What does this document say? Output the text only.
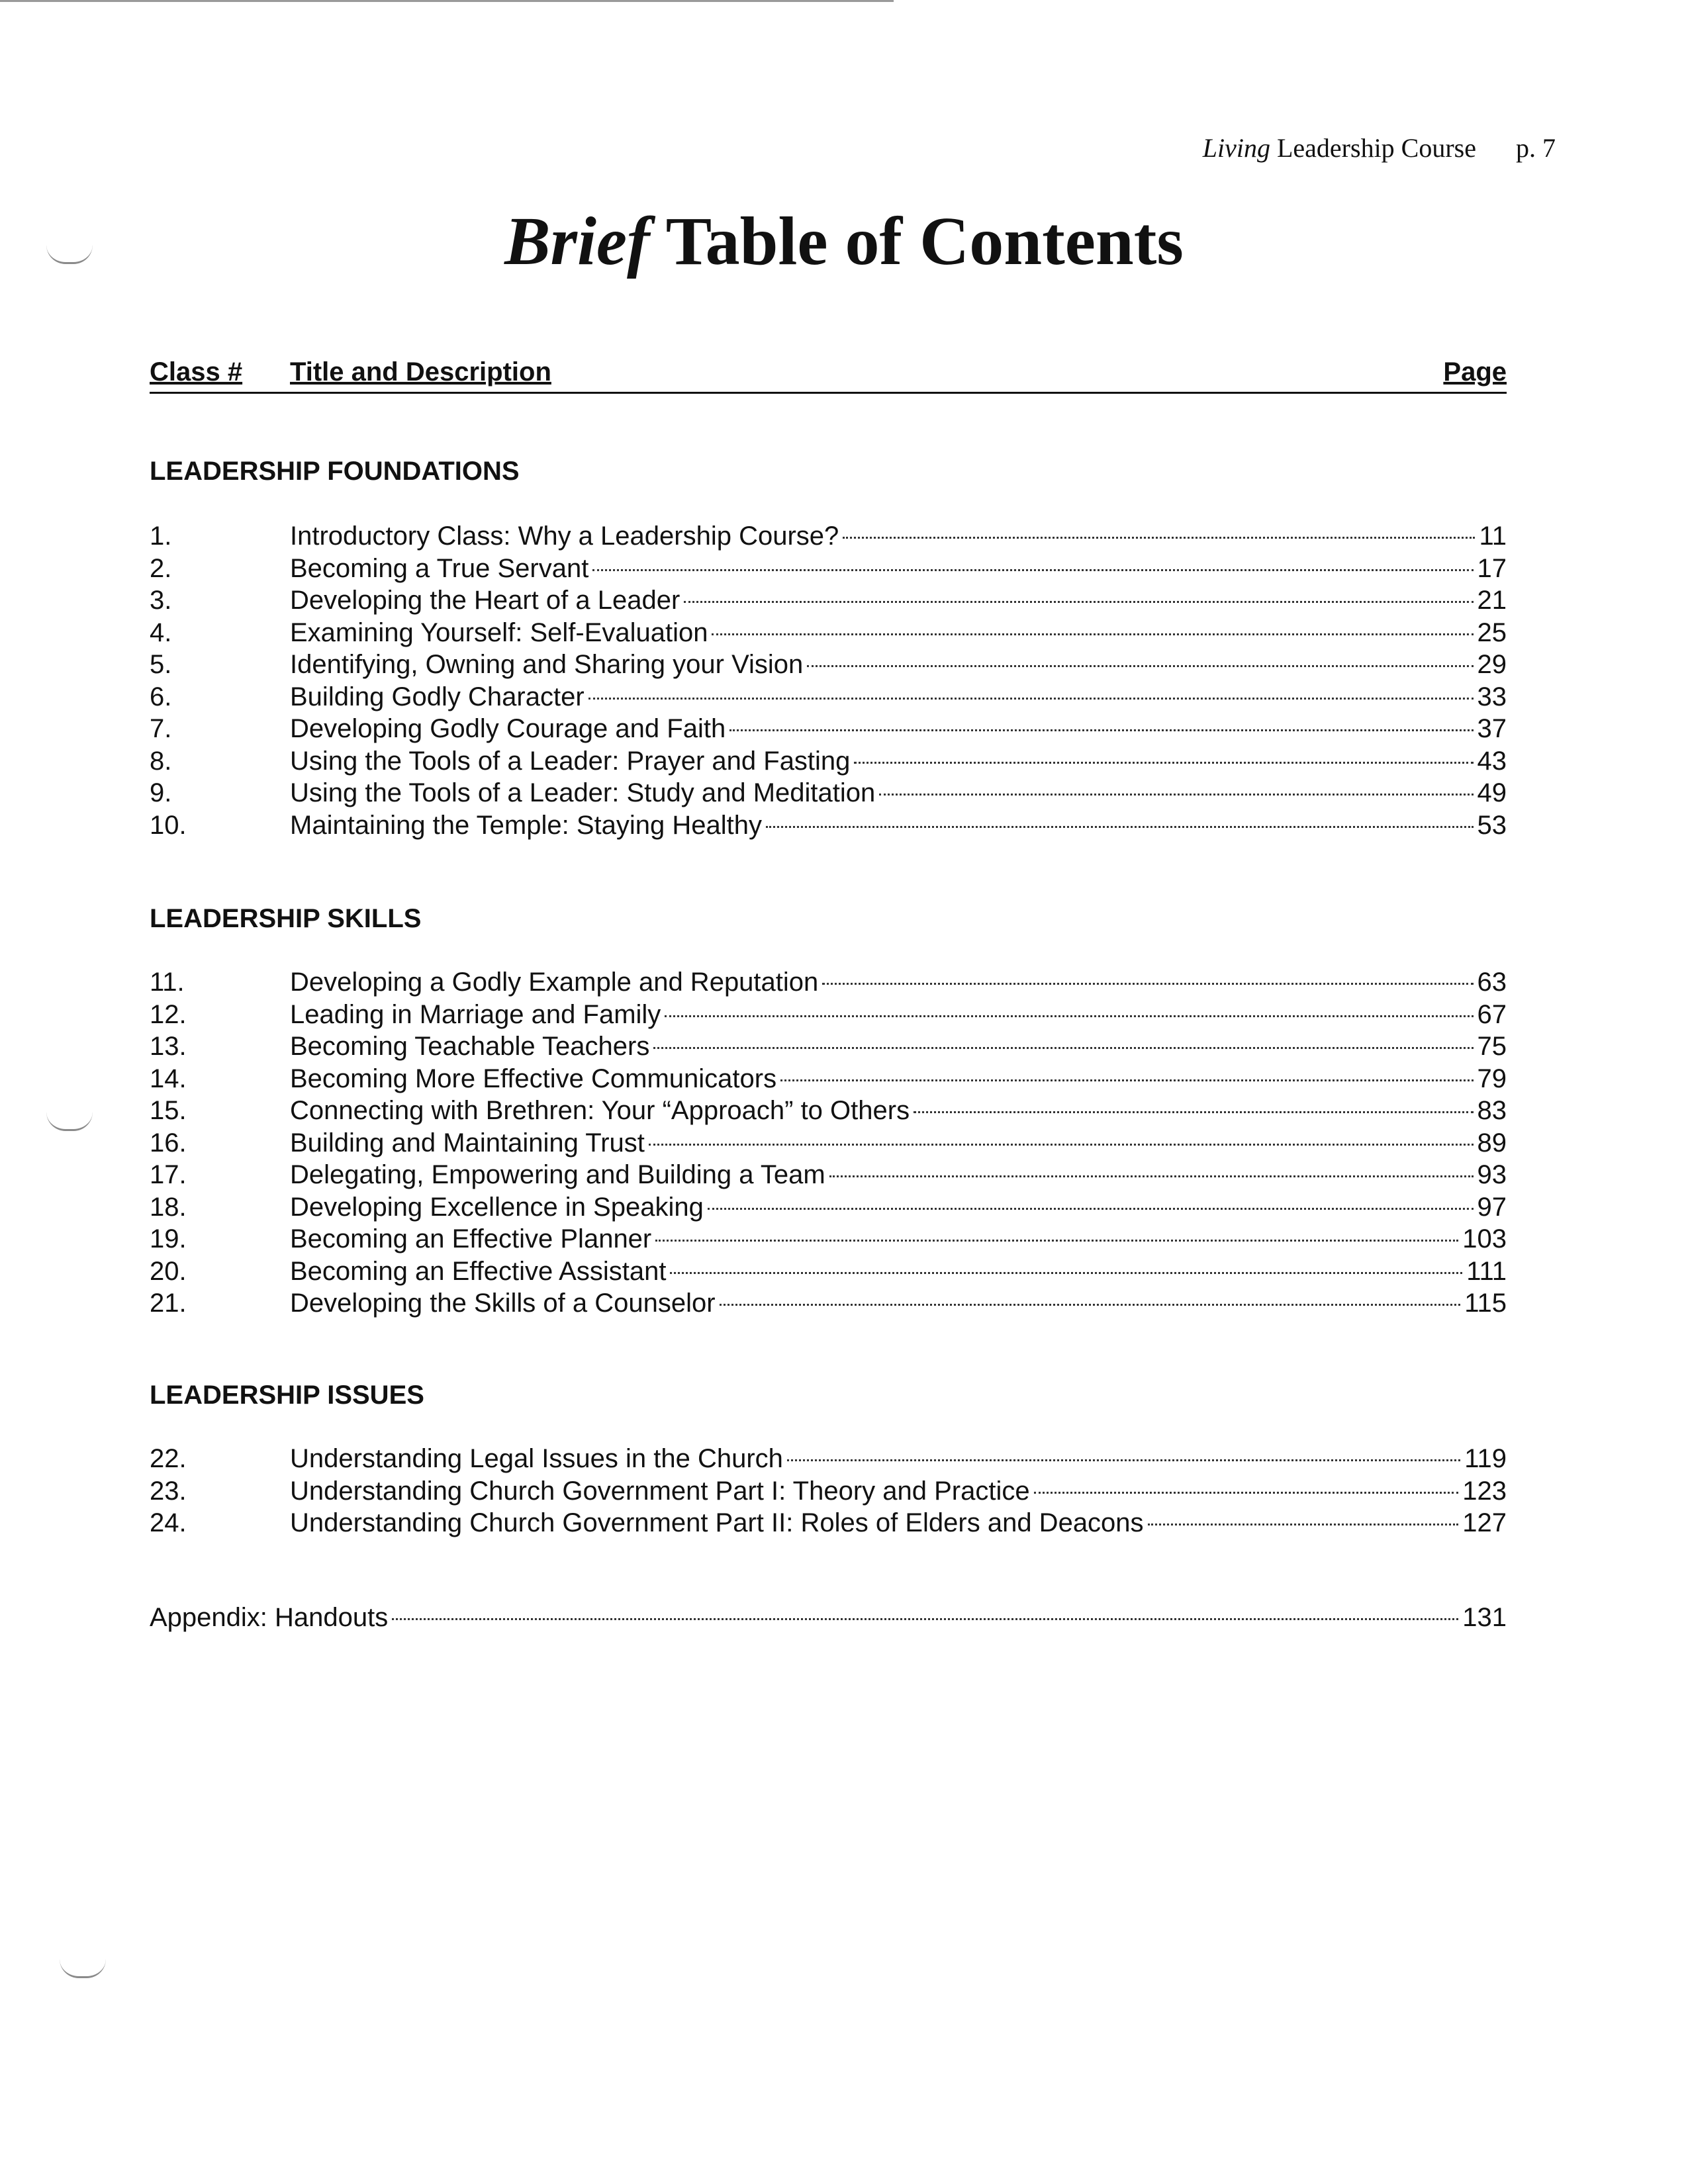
Living Leadership Course p. 7
Brief Table of Contents
Class # Title and Description	Page
LEADERSHIP FOUNDATIONS
1.	Introductory Class: Why a Leadership Course?	11
2.	Becoming a True Servant	17
3.	Developing the Heart of a Leader	21
4.	Examining Yourself: Self-Evaluation	25
5.	Identifying, Owning and Sharing your Vision	29
6.	Building Godly Character	33
7.	Developing Godly Courage and Faith	37
8.	Using the Tools of a Leader: Prayer and Fasting	43
9.	Using the Tools of a Leader: Study and Meditation	49
10.	Maintaining the Temple: Staying Healthy	53
LEADERSHIP SKILLS
11.	Developing a Godly Example and Reputation	63
12.	Leading in Marriage and Family	67
13.	Becoming Teachable Teachers	75
14.	Becoming More Effective Communicators	79
15.	Connecting with Brethren: Your “Approach” to Others	83
16.	Building and Maintaining Trust	89
17.	Delegating, Empowering and Building a Team	93
18.	Developing Excellence in Speaking	97
19.	Becoming an Effective Planner	103
20.	Becoming an Effective Assistant	111
21.	Developing the Skills of a Counselor	115
LEADERSHIP ISSUES
22.	Understanding Legal Issues in the Church	119
23.	Understanding Church Government Part I: Theory and Practice	123
24.	Understanding Church Government Part II: Roles of Elders and Deacons	127
Appendix: Handouts	131
